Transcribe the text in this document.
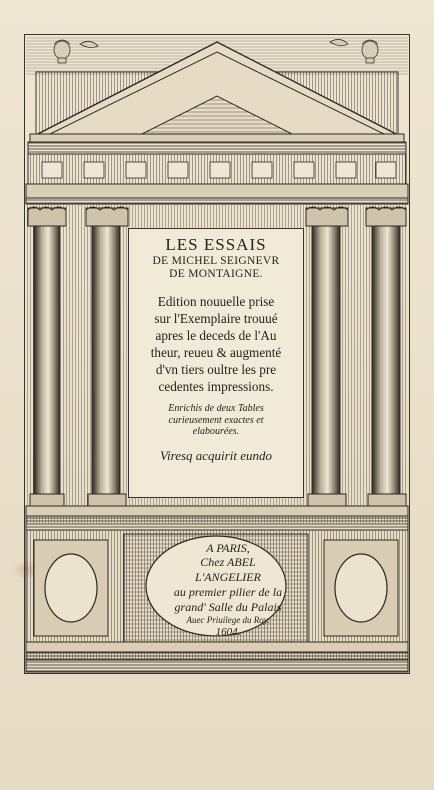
LES ESSAIS
DE MICHEL SEIGNEVR
DE MONTAIGNE.
Edition nouuelle prise
sur l'Exemplaire trouué
apres le deceds de l'Au
theur, reueu & augmenté
d'vn tiers oultre les pre
cedentes impressions.
Enrichis de deux Tables
curieusement exactes et
elabourées.
Viresq acquirit eundo
A PARIS,
Chez ABEL L'ANGELIER
au premier pilier de la
grand' Salle du Palais
Auec Priuilege du Roy.
1604.
